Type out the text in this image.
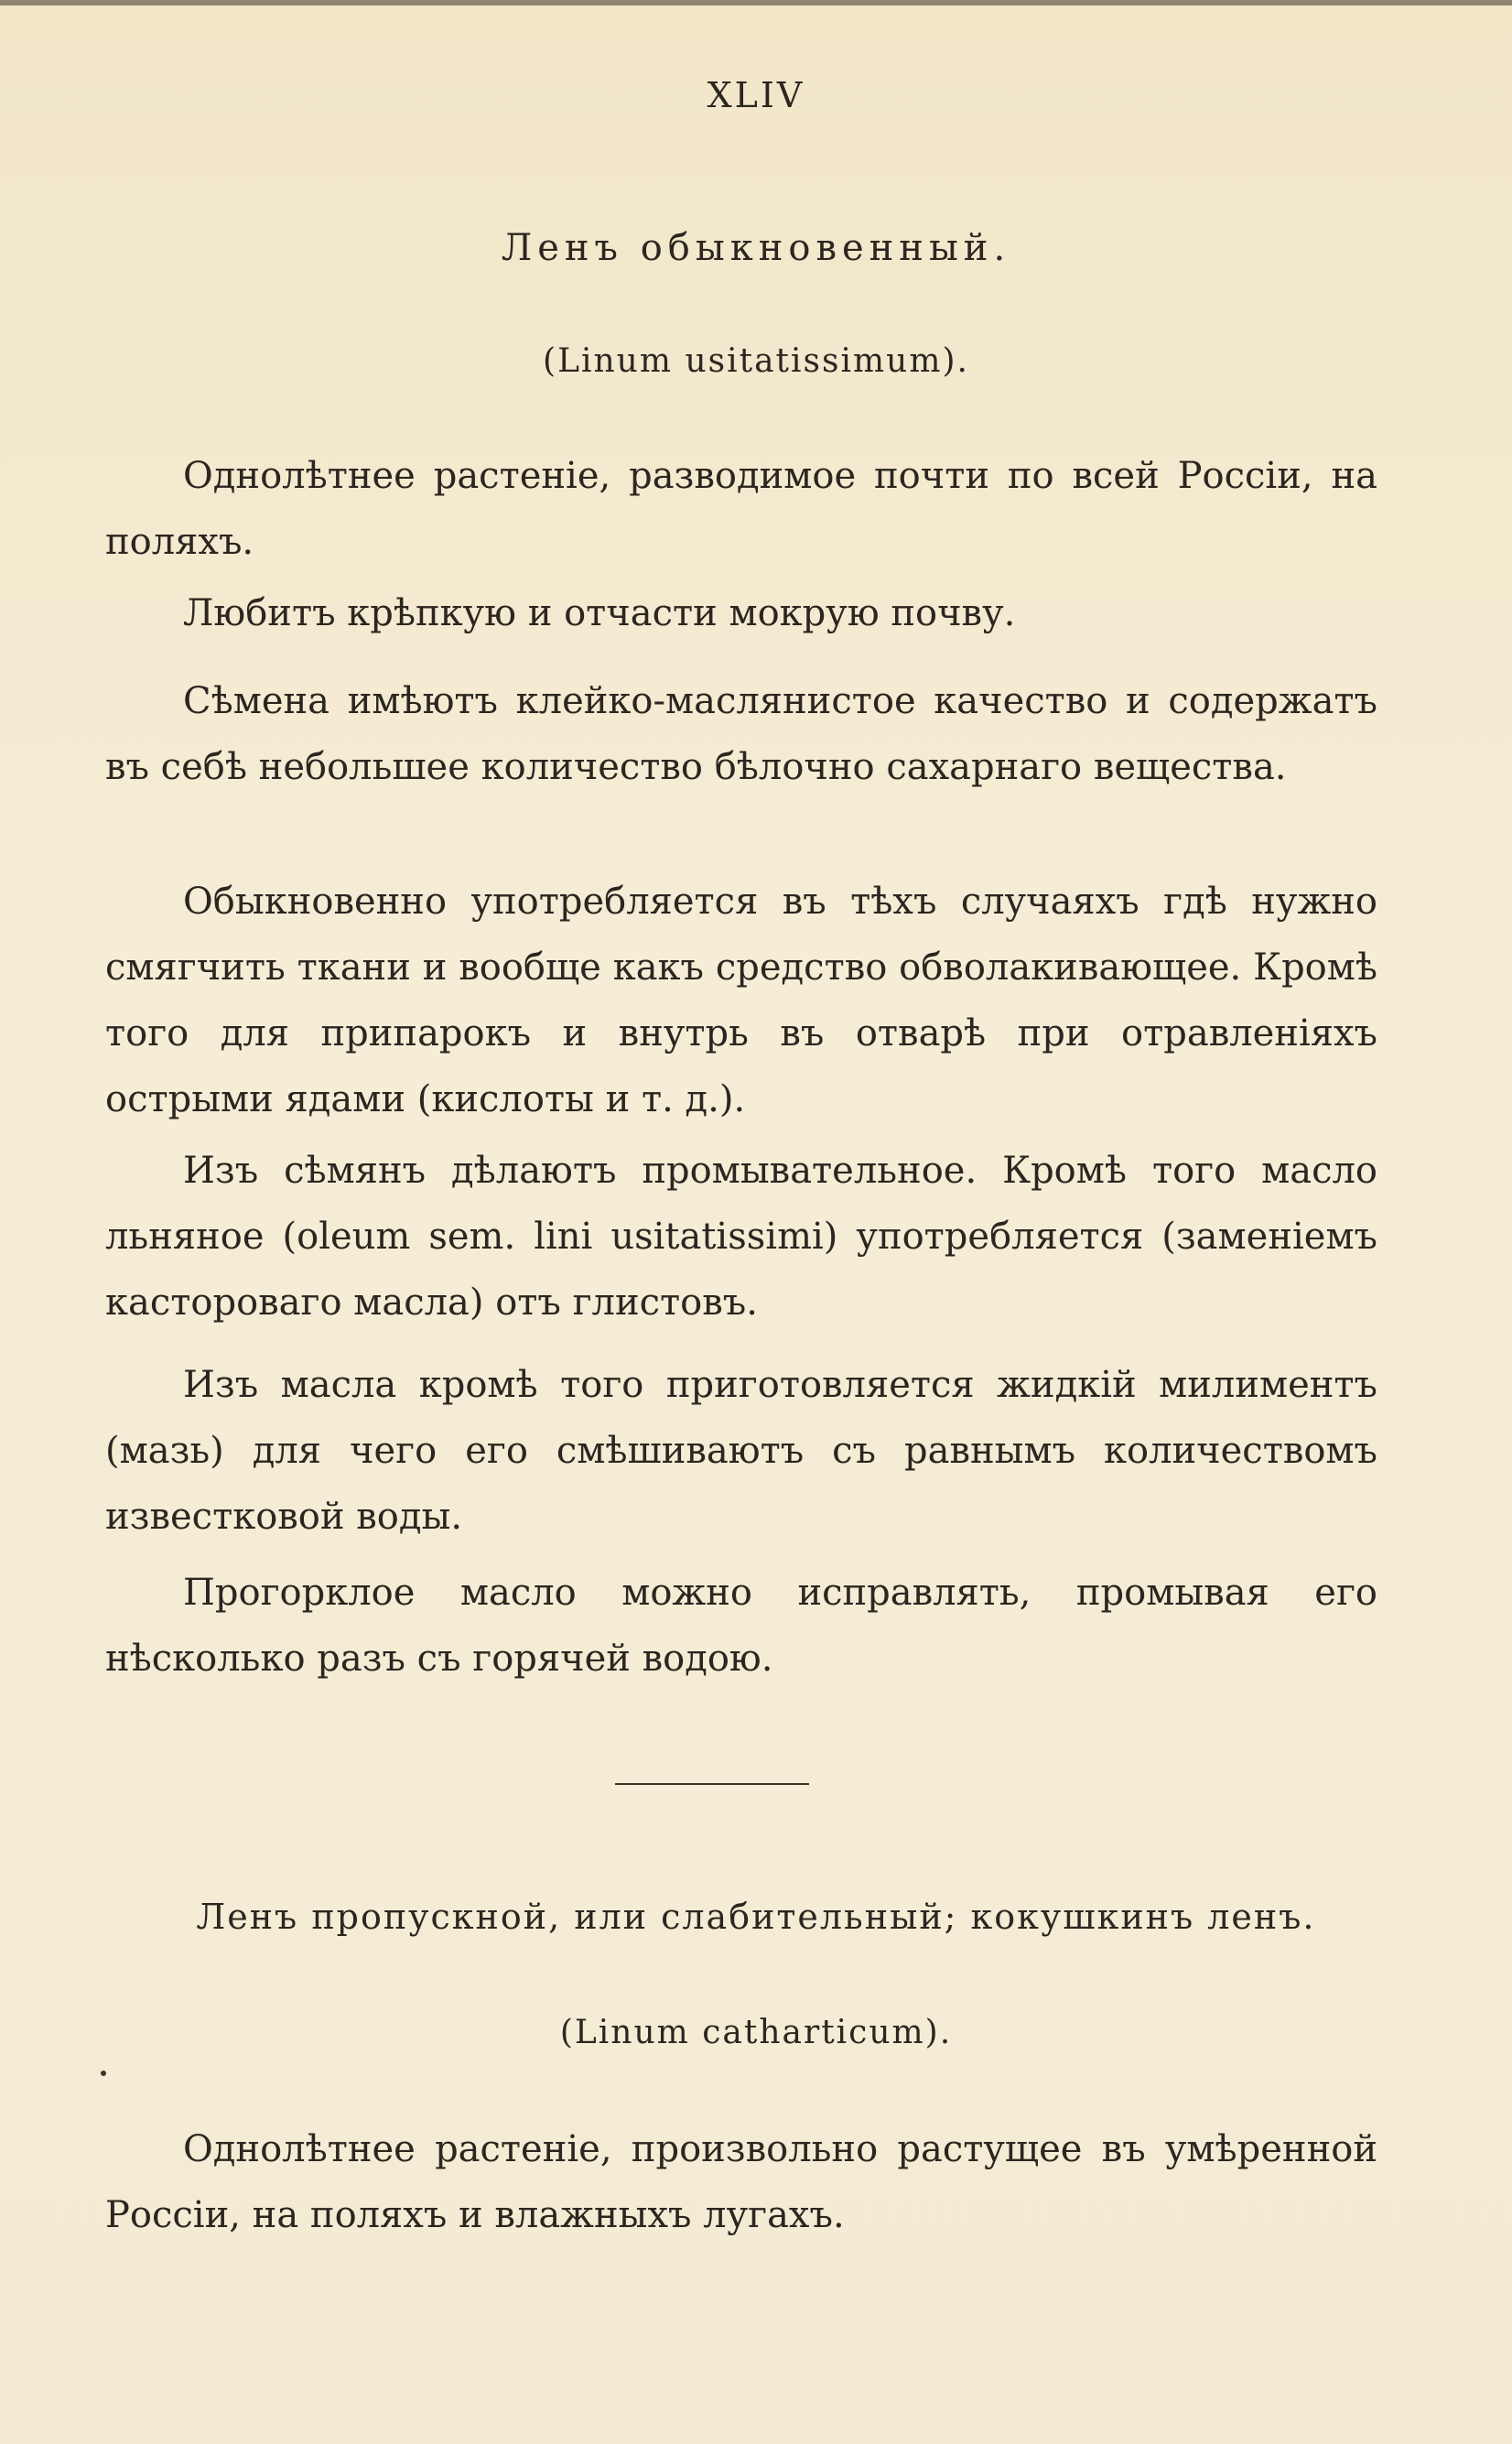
XLIV
Ленъ обыкновенный.
(Linum usitatissimum).

Однолѣтнее растеніе, разводимое почти по всей Россіи, на поляхъ.

Любитъ крѣпкую и отчасти мокрую почву.

Сѣмена имѣютъ клейко-маслянистое качество и содержатъ въ себѣ небольшее количество бѣлочно сахарнаго вещества.

Обыкновенно употребляется въ тѣхъ случаяхъ гдѣ нужно смягчить ткани и вообще какъ средство обволакивающее. Кромѣ того для припарокъ и внутрь въ отварѣ при отравленіяхъ острыми ядами (кислоты и т. д.).

Изъ сѣмянъ дѣлаютъ промывательное. Кромѣ того масло льняное (oleum sem. lini usitatissimi) употребляется (заменіемъ кастороваго масла) отъ глистовъ.

Изъ масла кромѣ того приготовляется жидкій милиментъ (мазь) для чего его смѣшиваютъ съ равнымъ количествомъ известковой воды.

Прогорклое масло можно исправлять, промывая его нѣсколько разъ съ горячей водою.

Ленъ пропускной, или слабительный; кокушкинъ ленъ.
(Linum catharticum).

Однолѣтнее растеніе, произвольно растущее въ умѣренной Россіи, на поляхъ и влажныхъ лугахъ.
